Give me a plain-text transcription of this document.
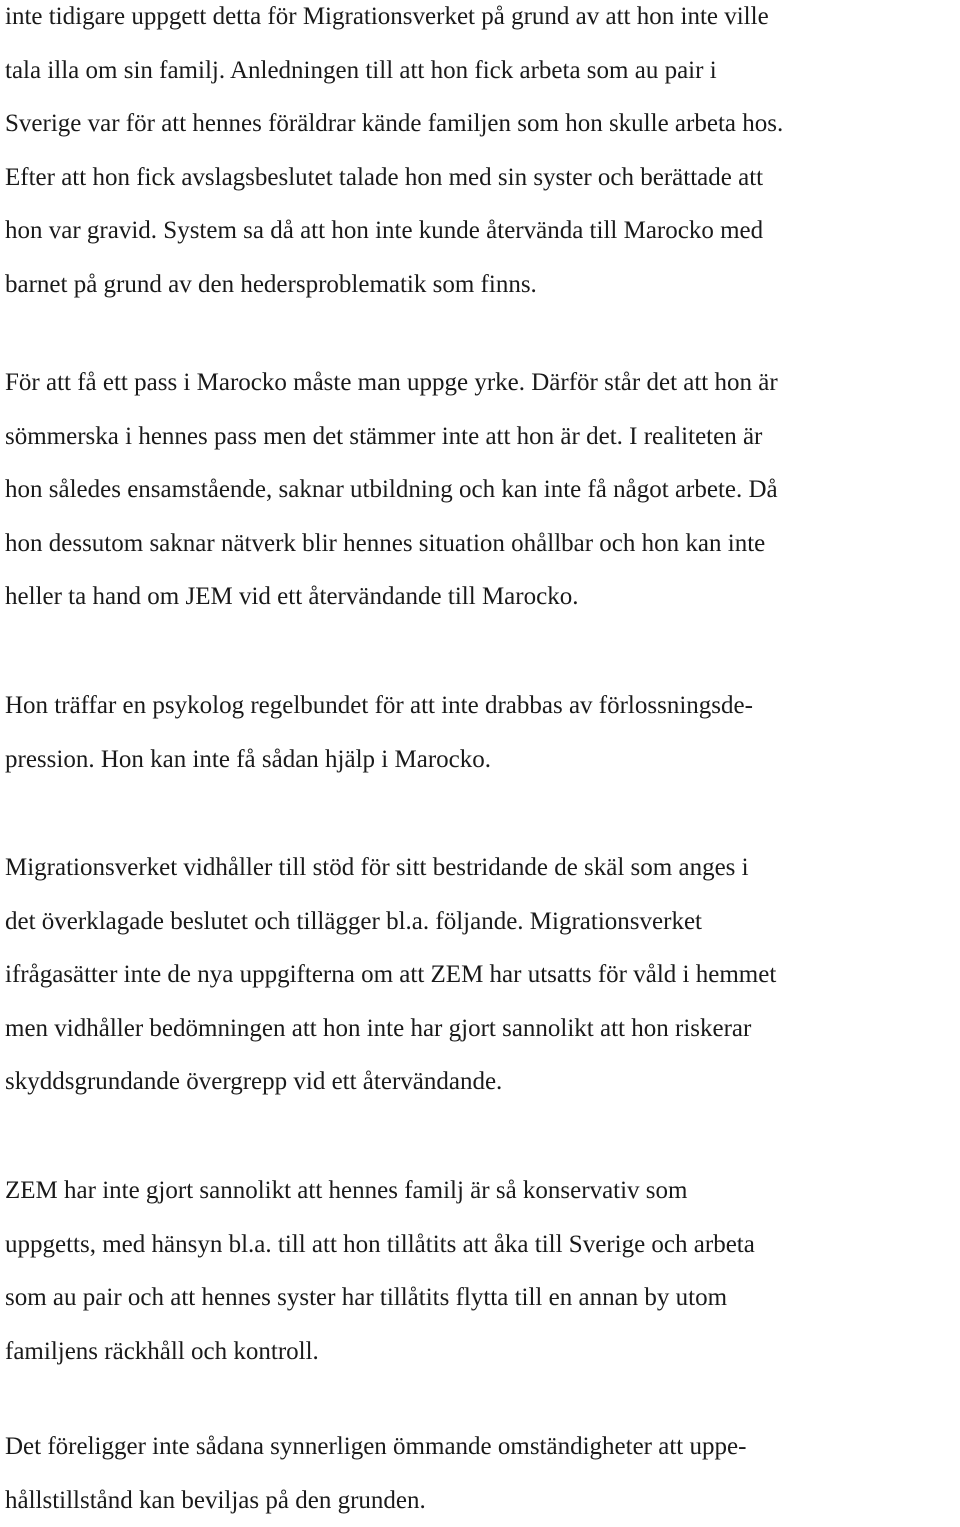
inte tidigare uppgett detta för Migrationsverket på grund av att hon inte ville
tala illa om sin familj. Anledningen till att hon fick arbeta som au pair i
Sverige var för att hennes föräldrar kände familjen som hon skulle arbeta hos.
Efter att hon fick avslagsbeslutet talade hon med sin syster och berättade att
hon var gravid. System sa då att hon inte kunde återvända till Marocko med
barnet på grund av den hedersproblematik som finns.
För att få ett pass i Marocko måste man uppge yrke. Därför står det att hon är
sömmerska i hennes pass men det stämmer inte att hon är det. I realiteten är
hon således ensamstående, saknar utbildning och kan inte få något arbete. Då
hon dessutom saknar nätverk blir hennes situation ohållbar och hon kan inte
heller ta hand om JEM vid ett återvändande till Marocko.
Hon träffar en psykolog regelbundet för att inte drabbas av förlossningsde-
pression. Hon kan inte få sådan hjälp i Marocko.
Migrationsverket vidhåller till stöd för sitt bestridande de skäl som anges i
det överklagade beslutet och tillägger bl.a. följande. Migrationsverket
ifrågasätter inte de nya uppgifterna om att ZEM har utsatts för våld i hemmet
men vidhåller bedömningen att hon inte har gjort sannolikt att hon riskerar
skyddsgrundande övergrepp vid ett återvändande.
ZEM har inte gjort sannolikt att hennes familj är så konservativ som
uppgetts, med hänsyn bl.a. till att hon tillåtits att åka till Sverige och arbeta
som au pair och att hennes syster har tillåtits flytta till en annan by utom
familjens räckhåll och kontroll.
Det föreligger inte sådana synnerligen ömmande omständigheter att uppe-
hållstillstånd kan beviljas på den grunden.
